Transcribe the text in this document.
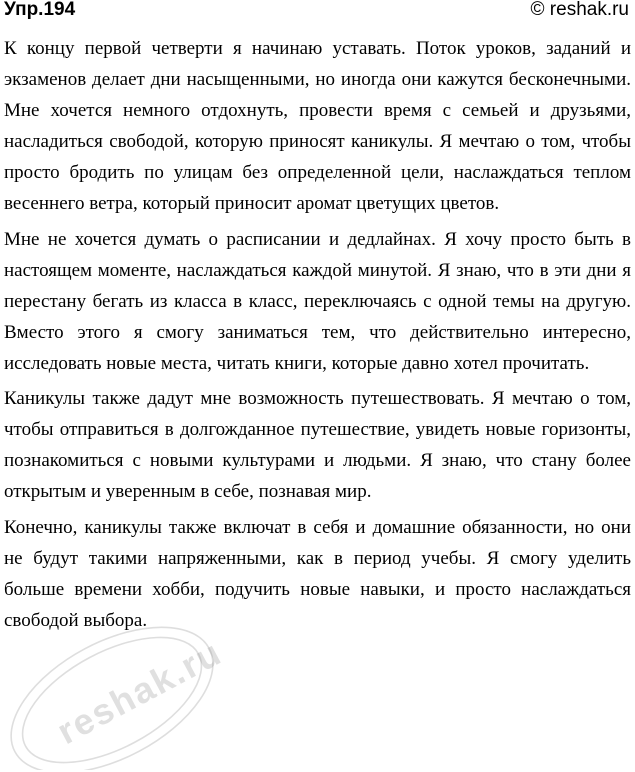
Упр.194	© reshak.ru

К концу первой четверти я начинаю уставать. Поток уроков, заданий и экзаменов делает дни насыщенными, но иногда они кажутся бесконечными. Мне хочется немного отдохнуть, провести время с семьей и друзьями, насладиться свободой, которую приносят каникулы. Я мечтаю о том, чтобы просто бродить по улицам без определенной цели, наслаждаться теплом весеннего ветра, который приносит аромат цветущих цветов.

Мне не хочется думать о расписании и дедлайнах. Я хочу просто быть в настоящем моменте, наслаждаться каждой минутой. Я знаю, что в эти дни я перестану бегать из класса в класс, переключаясь с одной темы на другую. Вместо этого я смогу заниматься тем, что действительно интересно, исследовать новые места, читать книги, которые давно хотел прочитать.

Каникулы также дадут мне возможность путешествовать. Я мечтаю о том, чтобы отправиться в долгожданное путешествие, увидеть новые горизонты, познакомиться с новыми культурами и людьми. Я знаю, что стану более открытым и уверенным в себе, познавая мир.

Конечно, каникулы также включат в себя и домашние обязанности, но они не будут такими напряженными, как в период учебы. Я смогу уделить больше времени хобби, подучить новые навыки, и просто наслаждаться свободой выбора.

reshak.ru
